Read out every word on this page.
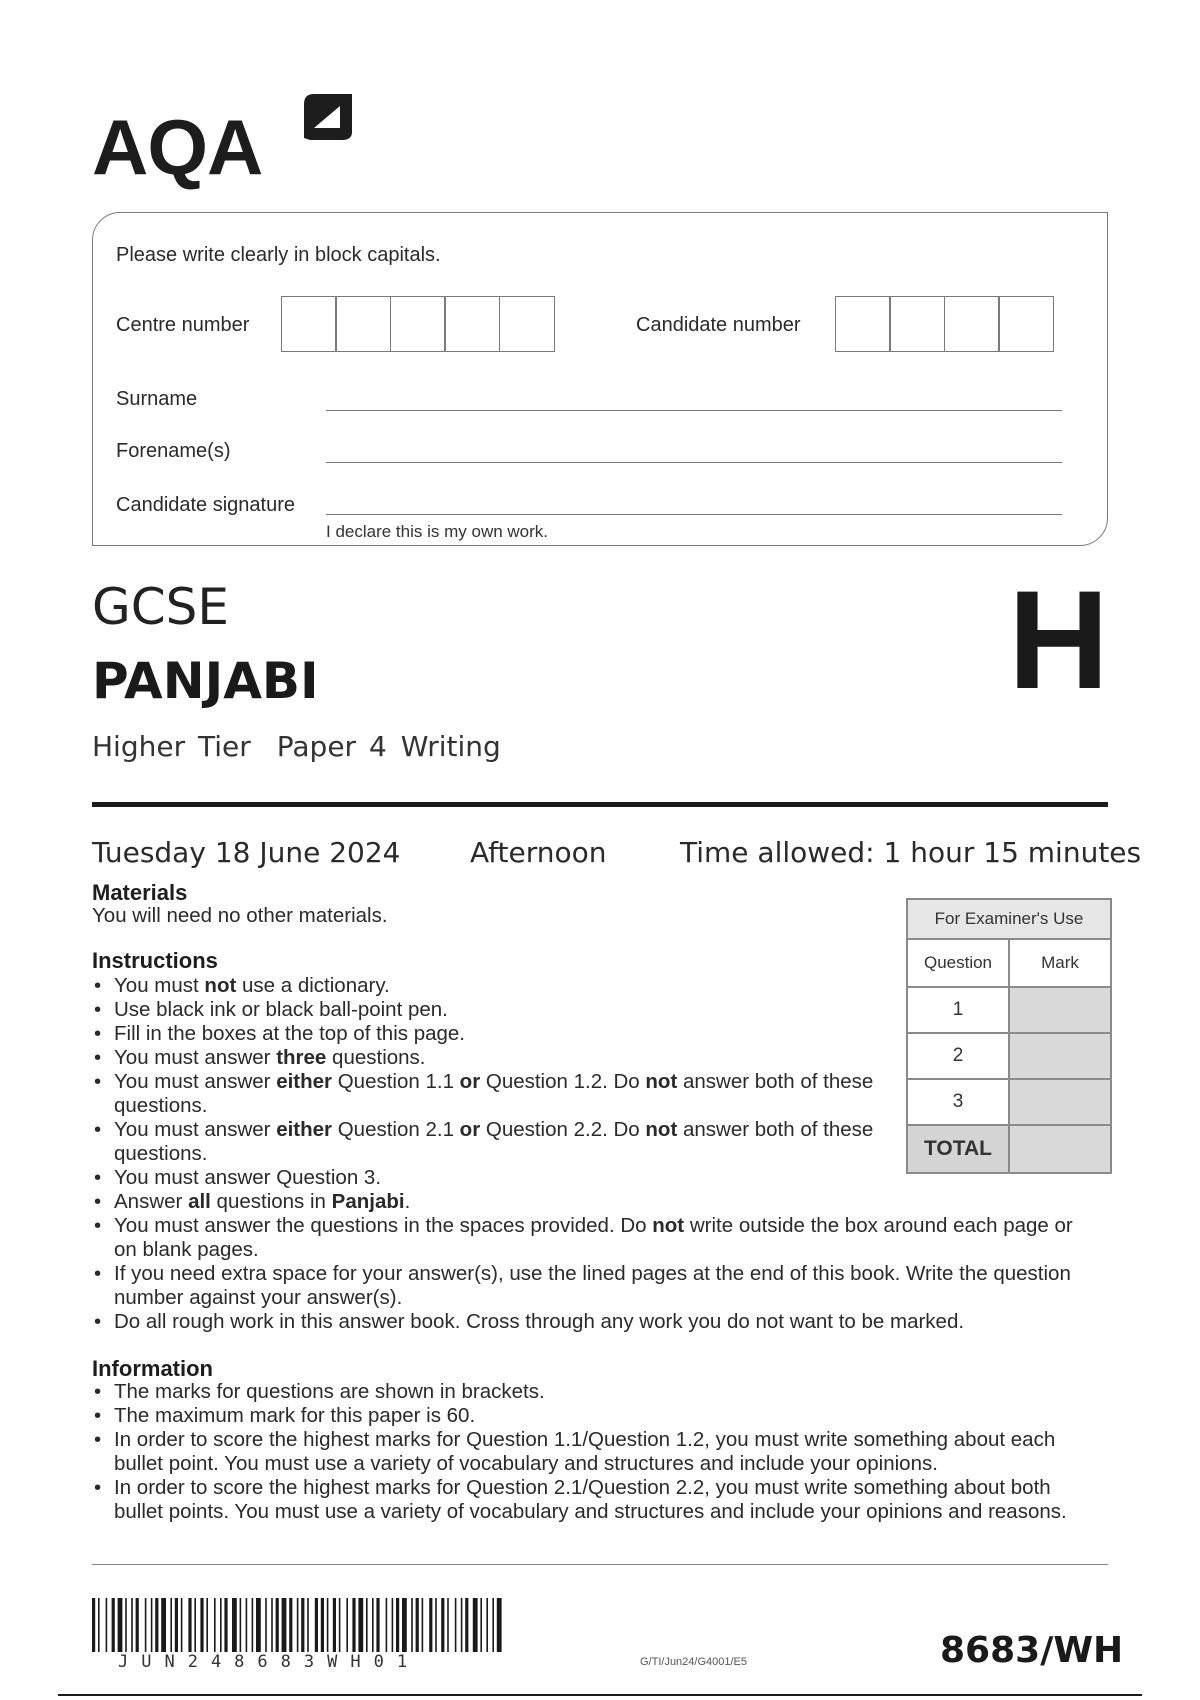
AQA
Please write clearly in block capitals.
Centre number	Candidate number
Surname
Forename(s)
Candidate signature
I declare this is my own work.
GCSE
PANJABI
Higher Tier Paper 4 Writing
H
Tuesday 18 June 2024 Afternoon	Time allowed: 1 hour 15 minutes
Materials
You will need no other materials.
Instructions
• You must not use a dictionary.
• Use black ink or black ball-point pen.
• Fill in the boxes at the top of this page.
• You must answer three questions.
• You must answer either Question 1.1 or Question 1.2. Do not answer both of these questions.
• You must answer either Question 2.1 or Question 2.2. Do not answer both of these questions.
• You must answer Question 3.
• Answer all questions in Panjabi.
• You must answer the questions in the spaces provided. Do not write outside the box around each page or on blank pages.
• If you need extra space for your answer(s), use the lined pages at the end of this book. Write the question number against your answer(s).
• Do all rough work in this answer book. Cross through any work you do not want to be marked.
Information
• The marks for questions are shown in brackets.
• The maximum mark for this paper is 60.
• In order to score the highest marks for Question 1.1/Question 1.2, you must write something about each bullet point. You must use a variety of vocabulary and structures and include your opinions.
• In order to score the highest marks for Question 2.1/Question 2.2, you must write something about both bullet points. You must use a variety of vocabulary and structures and include your opinions and reasons.
For Examiner's Use	
Question	Mark
1	
2	
3	
TOTAL	
JUN248683WH01	G/TI/Jun24/G4001/E5	8683/WH
